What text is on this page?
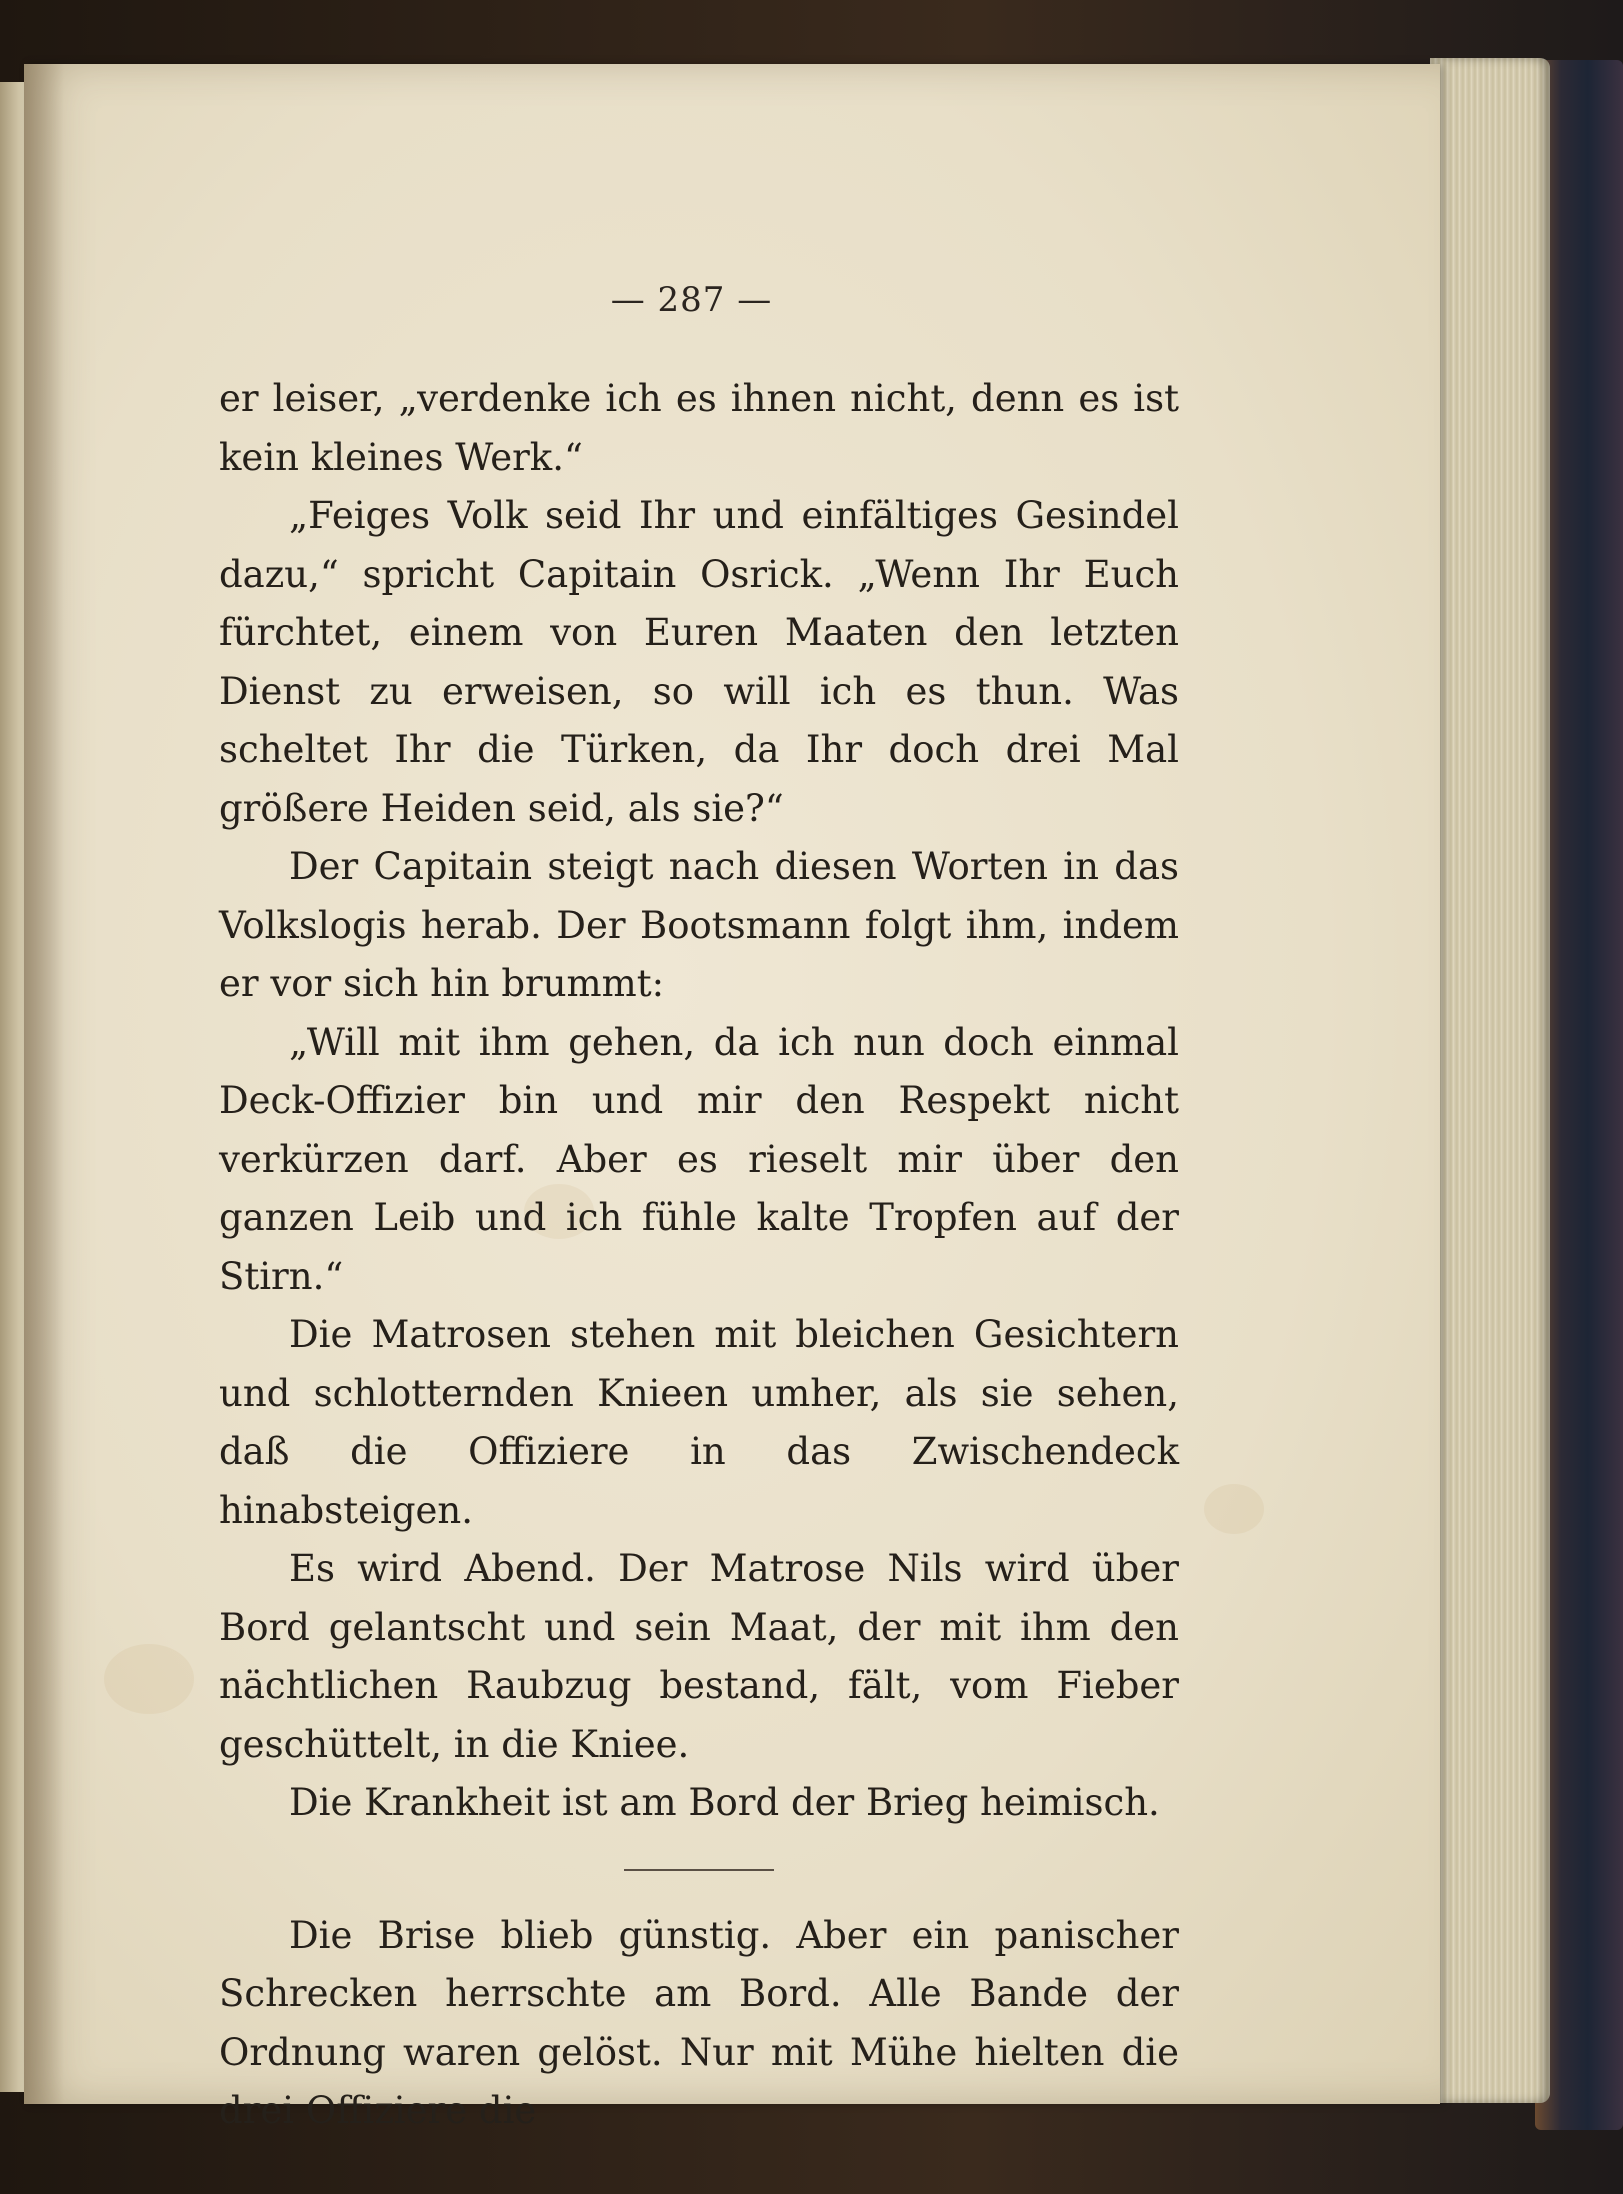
— 287 —

er leiser, „verdenke ich es ihnen nicht, denn es ist kein kleines Werk.“

„Feiges Volk seid Ihr und einfältiges Gesindel dazu,“ spricht Capitain Osrick. „Wenn Ihr Euch fürchtet, einem von Euren Maaten den letzten Dienst zu erweisen, so will ich es thun. Was scheltet Ihr die Türken, da Ihr doch drei Mal größere Heiden seid, als sie?“

Der Capitain steigt nach diesen Worten in das Volkslogis herab. Der Bootsmann folgt ihm, indem er vor sich hin brummt:

„Will mit ihm gehen, da ich nun doch einmal Deck-Offizier bin und mir den Respekt nicht verkürzen darf. Aber es rieselt mir über den ganzen Leib und ich fühle kalte Tropfen auf der Stirn.“

Die Matrosen stehen mit bleichen Gesichtern und schlotternden Knieen umher, als sie sehen, daß die Offiziere in das Zwischendeck hinabsteigen.

Es wird Abend. Der Matrose Nils wird über Bord gelantscht und sein Maat, der mit ihm den nächtlichen Raubzug bestand, fält, vom Fieber geschüttelt, in die Kniee.

Die Krankheit ist am Bord der Brieg heimisch.

Die Brise blieb günstig. Aber ein panischer Schrecken herrschte am Bord. Alle Bande der Ordnung waren gelöst. Nur mit Mühe hielten die drei Offiziere die
